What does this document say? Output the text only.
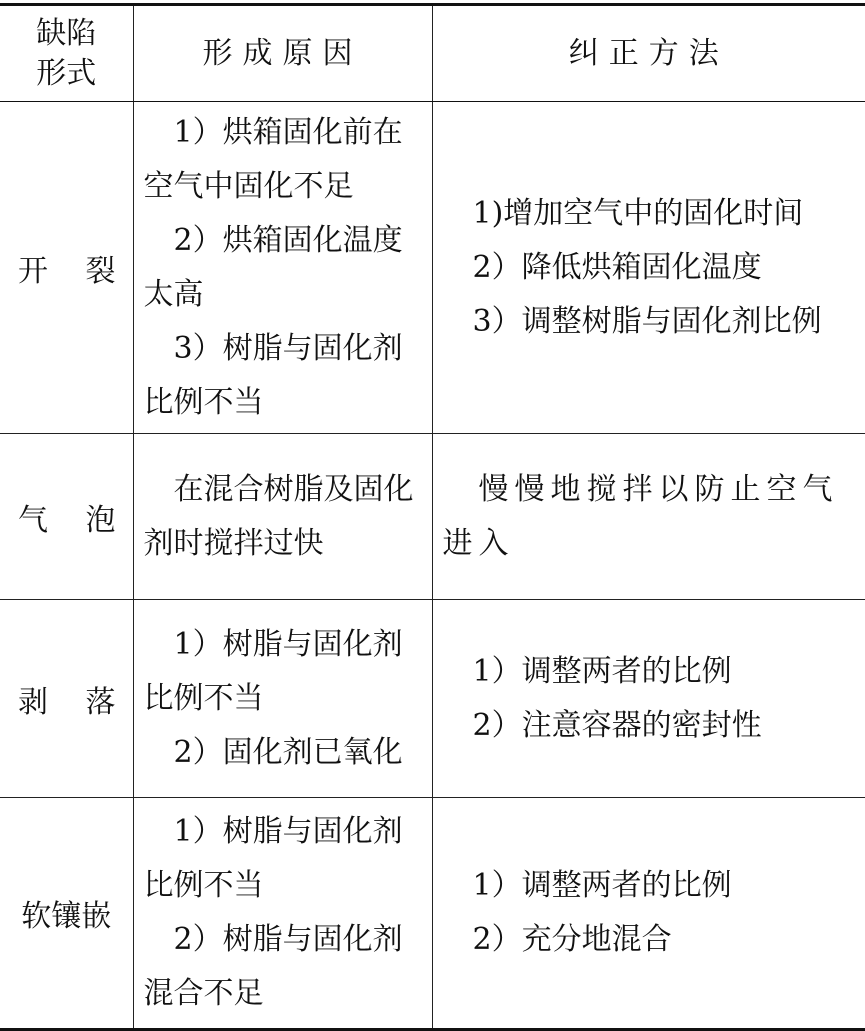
缺陷
形式	形成原因	纠正方法

开 裂	1）烘箱固化前在空气中固化不足
2）烘箱固化温度太高
3）树脂与固化剂比例不当	1)增加空气中的固化时间
2）降低烘箱固化温度
3）调整树脂与固化剂比例

气 泡	在混合树脂及固化剂时搅拌过快	慢慢地搅拌以防止空气进入

剥 落	1）树脂与固化剂比例不当
2）固化剂已氧化	1）调整两者的比例
2）注意容器的密封性

软镶嵌	1）树脂与固化剂比例不当
2）树脂与固化剂混合不足	1）调整两者的比例
2）充分地混合
